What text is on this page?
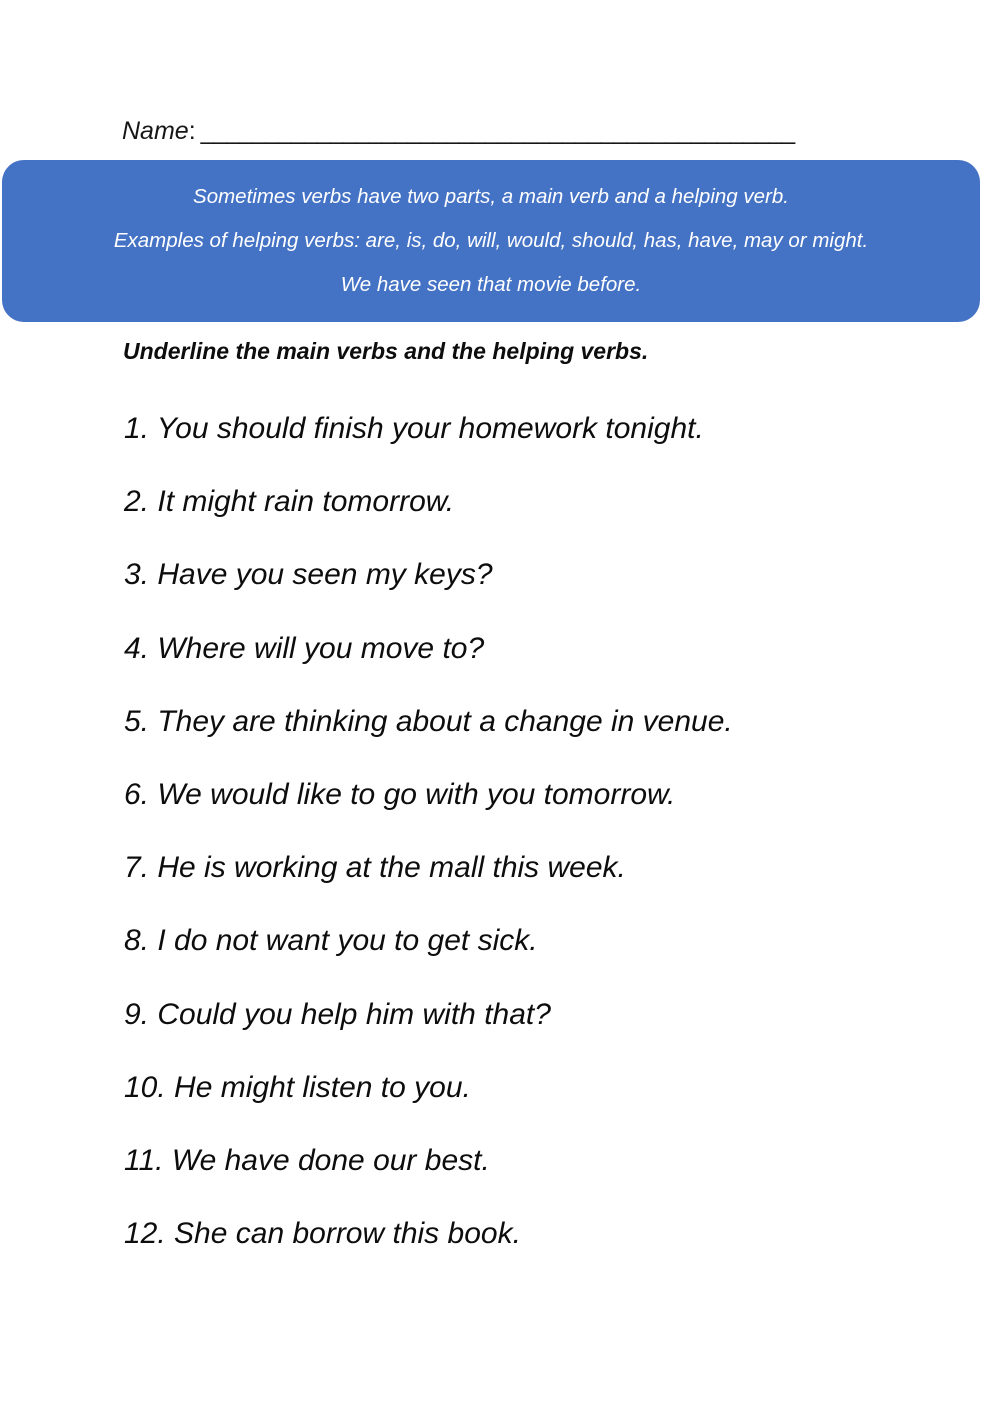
Name: ______________________________________________

Sometimes verbs have two parts, a main verb and a helping verb.

Examples of helping verbs: are, is, do, will, would, should, has, have, may or might.

We have seen that movie before.

Underline the main verbs and the helping verbs.
1. You should finish your homework tonight.
2. It might rain tomorrow.
3. Have you seen my keys?
4. Where will you move to?
5. They are thinking about a change in venue.
6. We would like to go with you tomorrow.
7. He is working at the mall this week.
8. I do not want you to get sick.
9. Could you help him with that?
10. He might listen to you.
11. We have done our best.
12. She can borrow this book.
